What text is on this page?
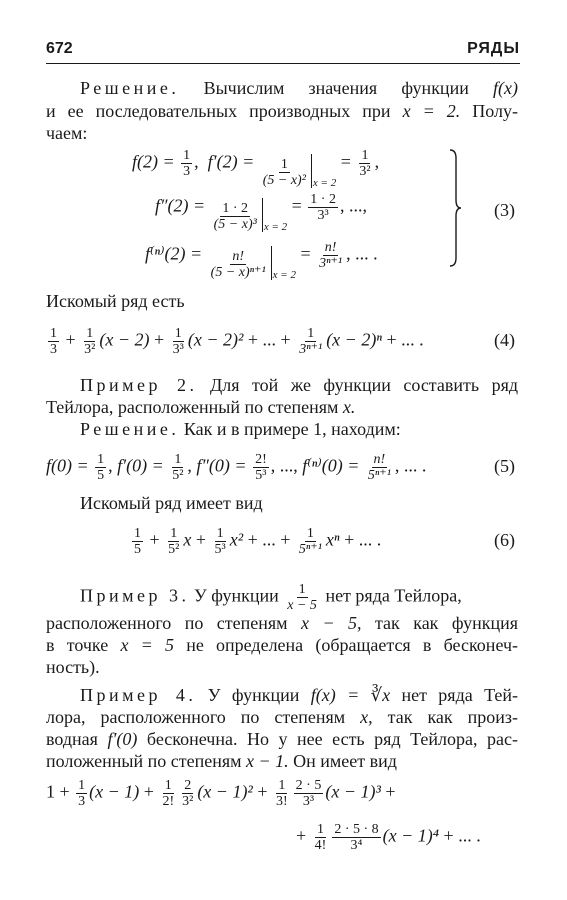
672	РЯДЫ
Решение. Вычислим значения функции f(x)
и ее последовательных производных при x = 2. Полу-
чаем:
$f(2) = \frac{1}{3}$ ,  $f'(2) = \frac{1}{\text{(5 − x)²}}$ x = 2
= $\frac{1}{\text{3²}}$ ,
$f''(2) = \frac{1 \cdot 2}{\text{(5 − x)³}}$ x = 2
= $\frac{1 \cdot 2}{\text{3³}}$ , ...,
$f^{(n)}(2) = \frac{n!}{\text{(5 − x)ⁿ⁺¹}}$ x = 2
= $\frac{n!}{\text{3ⁿ⁺¹}}$ , ... .
(3)
Искомый ряд есть
$\frac{1}{3} + \frac{1}{\text{3²}} (x - 2) + \frac{1}{\text{3³}} (x - 2)^2$ + ... + $\frac{1}{\text{3ⁿ⁺¹}} (x - 2)^n$ + ... .	(4)
Пример 2. Для той же функции составить ряд
Тейлора, расположенный по степеням x.
Решение. Как и в примере 1, находим:
$f(0) = \frac{1}{5}$ , $f'(0) = \frac{1}{\text{5²}}$ , $f''(0) = \frac{2!}{\text{5³}}$ , ..., $f^{(n)}(0) = \frac{n!}{\text{5ⁿ⁺¹}}$ , ... .	(5)
Искомый ряд имеет вид
$\frac{1}{5} + \frac{1}{\text{5²}}$ $x + \frac{1}{\text{5³}} x^2$ + ... + $\frac{1}{\text{5ⁿ⁺¹}}$ xⁿ + ... .	(6)
Пример 3. У функции $\frac{1}{x - 5}$ нет ряда Тейлора,
расположенного по степеням x − 5, так как функция
в точке x = 5 не определена (обращается в бесконеч-
ность).
Пример 4. У функции f(x) = ∛x нет ряда Тей-
лора, расположенного по степеням x, так как произ-
водная f′(0) бесконечна. Но у нее есть ряд Тейлора, рас-
положенный по степеням x − 1. Он имеет вид
$1 + \frac{1}{3} (x - 1) + \frac{1}{2!} \frac{2}{\text{3²}} (x - 1)^2 + \frac{1}{3!} \frac{2 \cdot 5}{\text{3³}} (x - 1)^3$ +
+ $\frac{1}{4!} \frac{2 \cdot 5 \cdot 8}{\text{3⁴}} (x - 1)^4$ + ... .
